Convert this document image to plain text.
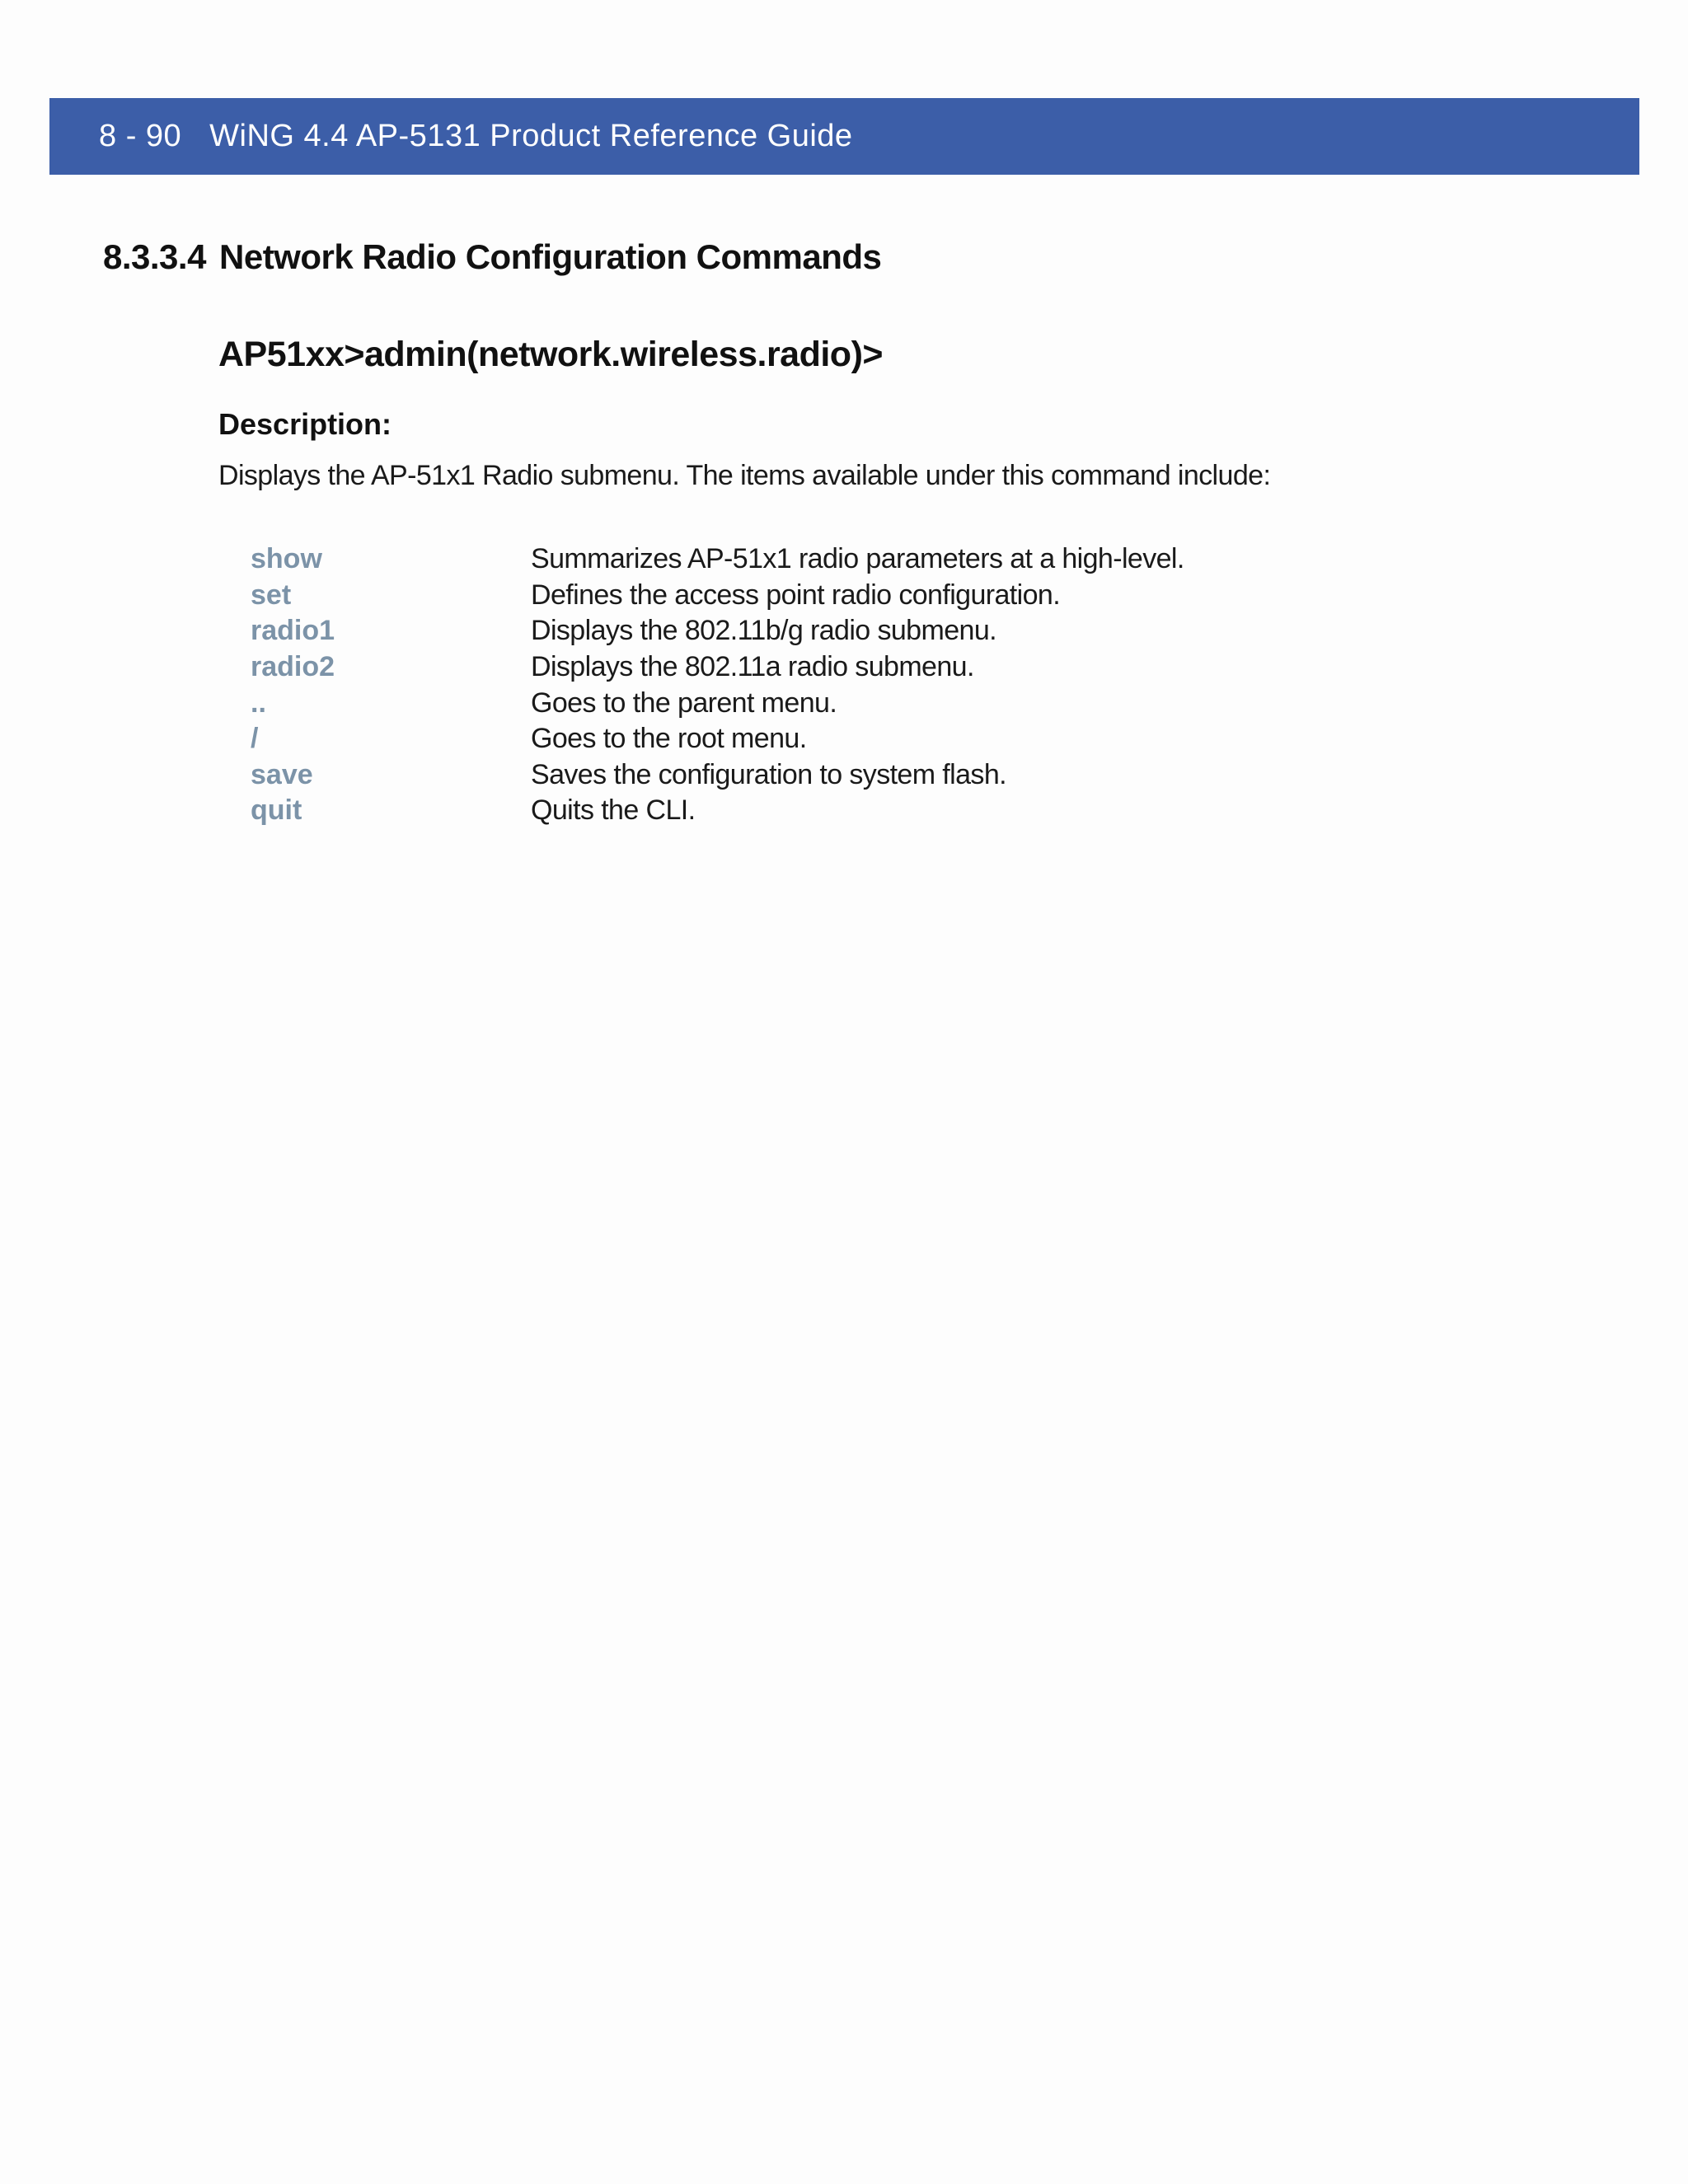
8 - 90 WiNG 4.4 AP-5131 Product Reference Guide
8.3.3.4 Network Radio Configuration Commands
AP51xx>admin(network.wireless.radio)>
Description:
Displays the AP-51x1 Radio submenu. The items available under this command include:
show	Summarizes AP-51x1 radio parameters at a high-level.
set	Defines the access point radio configuration.
radio1	Displays the 802.11b/g radio submenu.
radio2	Displays the 802.11a radio submenu.
..	Goes to the parent menu.
/	Goes to the root menu.
save	Saves the configuration to system flash.
quit	Quits the CLI.
